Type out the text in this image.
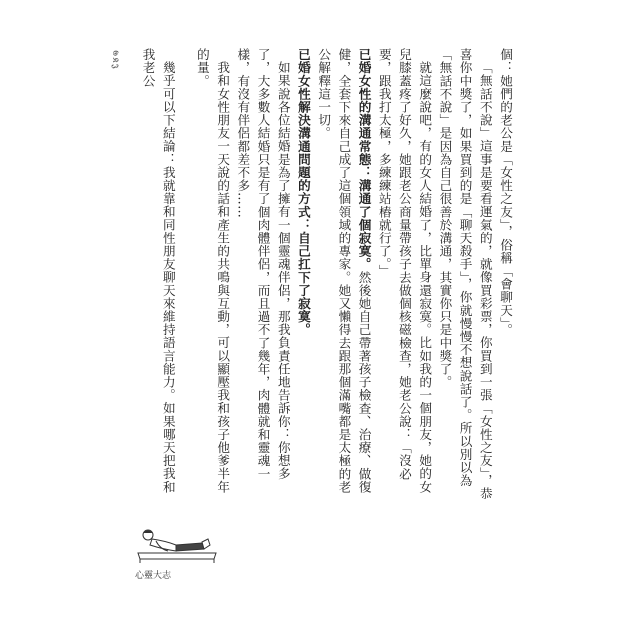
𝕲𝕶𝕵	個：她們的老公是「女性之友」，俗稱「會聊天」。

「無話不說」這事是要看運氣的，就像買彩票，你買到一張「女性之友」，恭喜你中獎了，如果買到的是「聊天殺手」，你就慢慢不想說話了。所以別以為「無話不說」是因為自己很善於溝通，其實你只是中獎了。

就這麼說吧，有的女人結婚了，比單身還寂寞。比如我的一個朋友，她的女兒膝蓋疼了好久，她跟老公商量帶孩子去做個核磁檢查，她老公說：「沒必要，跟我打太極，多練練站樁就行了。」

已婚女性的溝通常態：溝通了個寂寞。然後她自己帶著孩子檢查、治療、做復健，全套下來自己成了這個領域的專家。她又懶得去跟那個滿嘴都是太極的老公解釋這一切。

已婚女性解決溝通問題的方式：自己扛下了寂寞。

如果說各位結婚是為了擁有一個靈魂伴侶，那我負責任地告訴你：你想多了，大多數人結婚只是有了個肉體伴侶，而且過不了幾年，肉體就和靈魂一樣，有沒有伴侶都差不多……

我和女性朋友一天說的話和產生的共鳴與互動，可以顯壓我和孩子他爹半年的量。

幾乎可以下結論：我就靠和同性朋友聊天來維持語言能力。如果哪天把我和我老公

心靈大志
